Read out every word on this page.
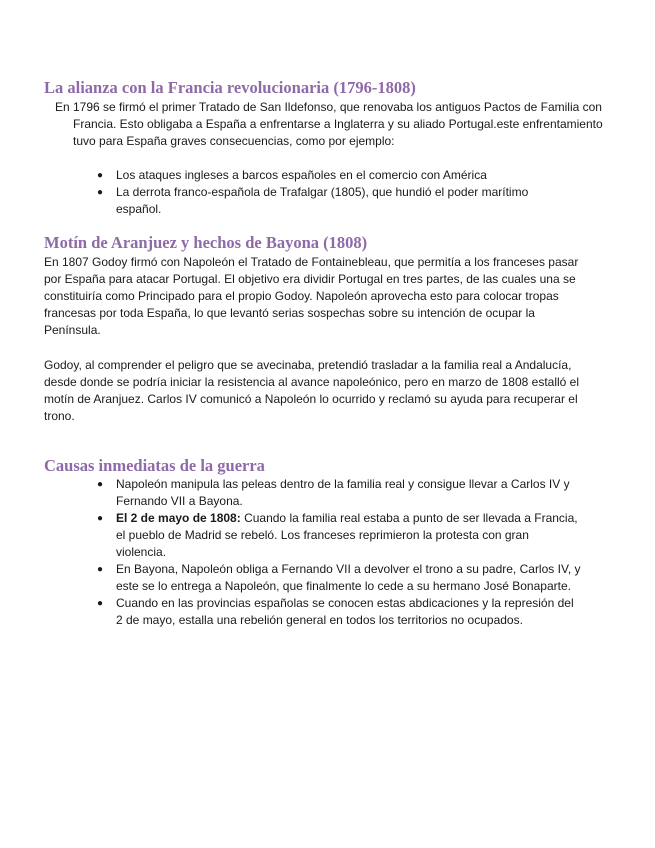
La alianza con la Francia revolucionaria (1796-1808)

En 1796 se firmó el primer Tratado de San Ildefonso, que renovaba los antiguos Pactos de Familia con Francia. Esto obligaba a España a enfrentarse a Inglaterra y su aliado Portugal.este enfrentamiento tuvo para España graves consecuencias, como por ejemplo:

● Los ataques ingleses a barcos españoles en el comercio con América
● La derrota franco-española de Trafalgar (1805), que hundió el poder marítimo español.
Motín de Aranjuez y hechos de Bayona (1808)

En 1807 Godoy firmó con Napoleón el Tratado de Fontainebleau, que permitía a los franceses pasar por España para atacar Portugal. El objetivo era dividir Portugal en tres partes, de las cuales una se constituiría como Principado para el propio Godoy. Napoleón aprovecha esto para colocar tropas francesas por toda España, lo que levantó serias sospechas sobre su intención de ocupar la Península.

Godoy, al comprender el peligro que se avecinaba, pretendió trasladar a la familia real a Andalucía, desde donde se podría iniciar la resistencia al avance napoleónico, pero en marzo de 1808 estalló el motín de Aranjuez. Carlos IV comunicó a Napoleón lo ocurrido y reclamó su ayuda para recuperar el trono.

Causas inmediatas de la guerra
● Napoleón manipula las peleas dentro de la familia real y consigue llevar a Carlos IV y Fernando VII a Bayona.
● El 2 de mayo de 1808: Cuando la familia real estaba a punto de ser llevada a Francia, el pueblo de Madrid se rebeló. Los franceses reprimieron la protesta con gran violencia.
● En Bayona, Napoleón obliga a Fernando VII a devolver el trono a su padre, Carlos IV, y este se lo entrega a Napoleón, que finalmente lo cede a su hermano José Bonaparte.
● Cuando en las provincias españolas se conocen estas abdicaciones y la represión del 2 de mayo, estalla una rebelión general en todos los territorios no ocupados.
